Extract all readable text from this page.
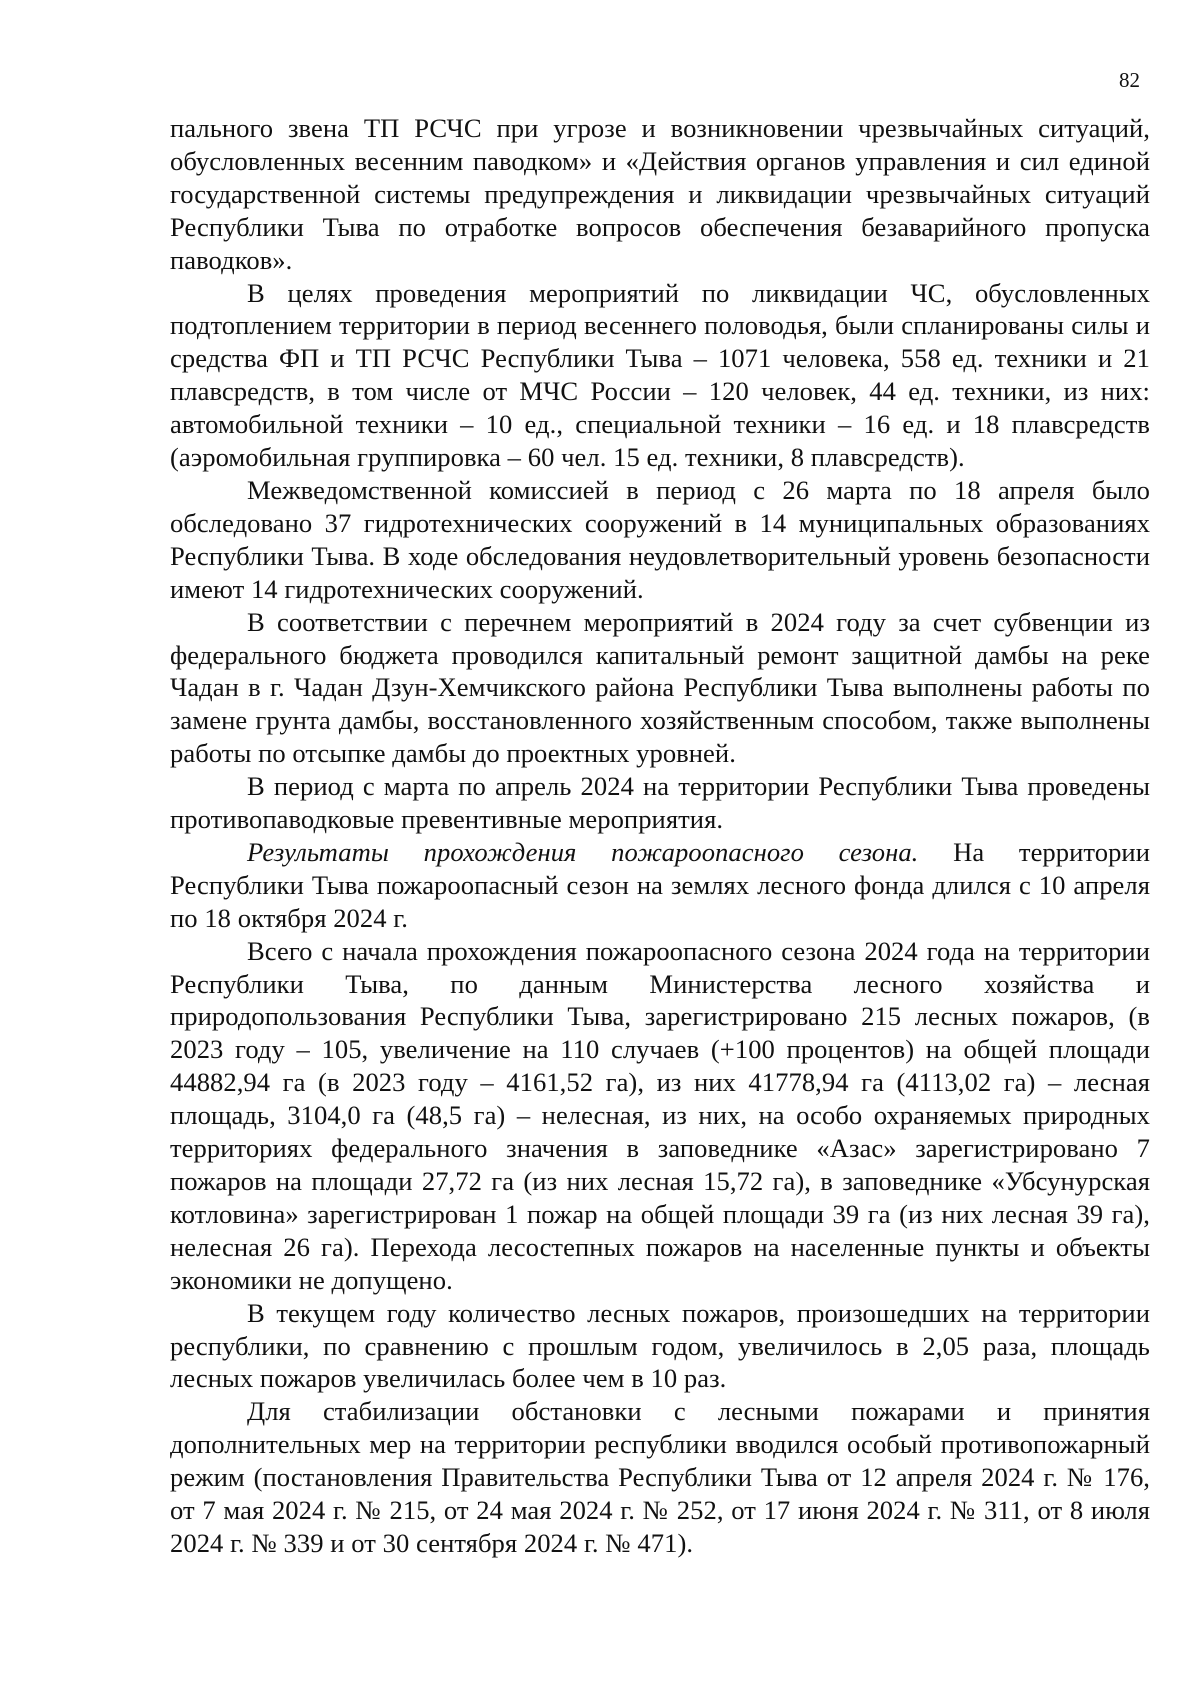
82

пального звена ТП РСЧС при угрозе и возникновении чрезвычайных ситуаций, обусловленных весенним паводком» и «Действия органов управления и сил единой государственной системы предупреждения и ликвидации чрезвычайных ситуаций Республики Тыва по отработке вопросов обеспечения безаварийного пропуска паводков».

В целях проведения мероприятий по ликвидации ЧС, обусловленных подтоплением территории в период весеннего половодья, были спланированы силы и средства ФП и ТП РСЧС Республики Тыва – 1071 человека, 558 ед. техники и 21 плавсредств, в том числе от МЧС России – 120 человек, 44 ед. техники, из них: автомобильной техники – 10 ед., специальной техники – 16 ед. и 18 плавсредств (аэромобильная группировка – 60 чел. 15 ед. техники, 8 плавсредств).

Межведомственной комиссией в период с 26 марта по 18 апреля было обследовано 37 гидротехнических сооружений в 14 муниципальных образованиях Республики Тыва. В ходе обследования неудовлетворительный уровень безопасности имеют 14 гидротехнических сооружений.

В соответствии с перечнем мероприятий в 2024 году за счет субвенции из федерального бюджета проводился капитальный ремонт защитной дамбы на реке Чадан в г. Чадан Дзун-Хемчикского района Республики Тыва выполнены работы по замене грунта дамбы, восстановленного хозяйственным способом, также выполнены работы по отсыпке дамбы до проектных уровней.

В период с марта по апрель 2024 на территории Республики Тыва проведены противопаводковые превентивные мероприятия.

Результаты прохождения пожароопасного сезона. На территории Республики Тыва пожароопасный сезон на землях лесного фонда длился с 10 апреля по 18 октября 2024 г.

Всего с начала прохождения пожароопасного сезона 2024 года на территории Республики Тыва, по данным Министерства лесного хозяйства и природопользования Республики Тыва, зарегистрировано 215 лесных пожаров, (в 2023 году – 105, увеличение на 110 случаев (+100 процентов) на общей площади 44882,94 га (в 2023 году – 4161,52 га), из них 41778,94 га (4113,02 га) – лесная площадь, 3104,0 га (48,5 га) – нелесная, из них, на особо охраняемых природных территориях федерального значения в заповеднике «Азас» зарегистрировано 7 пожаров на площади 27,72 га (из них лесная 15,72 га), в заповеднике «Убсунурская котловина» зарегистрирован 1 пожар на общей площади 39 га (из них лесная 39 га), нелесная 26 га). Перехода лесостепных пожаров на населенные пункты и объекты экономики не допущено.

В текущем году количество лесных пожаров, произошедших на территории республики, по сравнению с прошлым годом, увеличилось в 2,05 раза, площадь лесных пожаров увеличилась более чем в 10 раз.

Для стабилизации обстановки с лесными пожарами и принятия дополнительных мер на территории республики вводился особый противопожарный режим (постановления Правительства Республики Тыва от 12 апреля 2024 г. № 176, от 7 мая 2024 г. № 215, от 24 мая 2024 г. № 252, от 17 июня 2024 г. № 311, от 8 июля 2024 г. № 339 и от 30 сентября 2024 г. № 471).
